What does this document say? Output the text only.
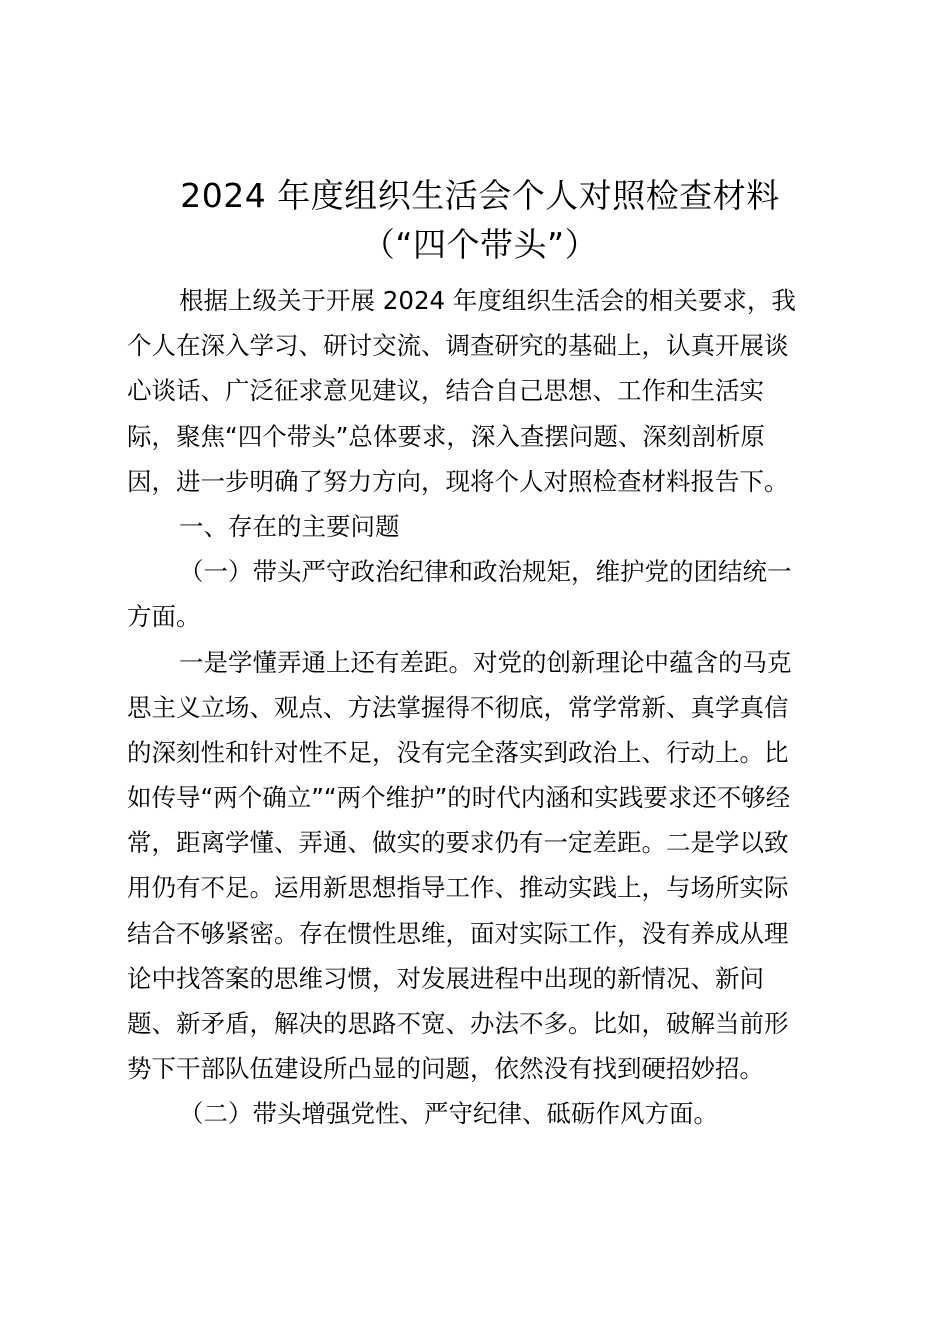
2024 年度组织生活会个人对照检查材料
（“四个带头”）
根据上级关于开展 2024 年度组织生活会的相关要求，我
个人在深入学习、研讨交流、调查研究的基础上，认真开展谈
心谈话、广泛征求意见建议，结合自己思想、工作和生活实
际，聚焦“四个带头”总体要求，深入查摆问题、深刻剖析原
因，进一步明确了努力方向，现将个人对照检查材料报告下。
一、存在的主要问题
（一）带头严守政治纪律和政治规矩，维护党的团结统一
方面。
一是学懂弄通上还有差距。对党的创新理论中蕴含的马克
思主义立场、观点、方法掌握得不彻底，常学常新、真学真信
的深刻性和针对性不足，没有完全落实到政治上、行动上。比
如传导“两个确立”“两个维护”的时代内涵和实践要求还不够经
常，距离学懂、弄通、做实的要求仍有一定差距。二是学以致
用仍有不足。运用新思想指导工作、推动实践上，与场所实际
结合不够紧密。存在惯性思维，面对实际工作，没有养成从理
论中找答案的思维习惯，对发展进程中出现的新情况、新问
题、新矛盾，解决的思路不宽、办法不多。比如，破解当前形
势下干部队伍建设所凸显的问题，依然没有找到硬招妙招。
（二）带头增强党性、严守纪律、砥砺作风方面。
